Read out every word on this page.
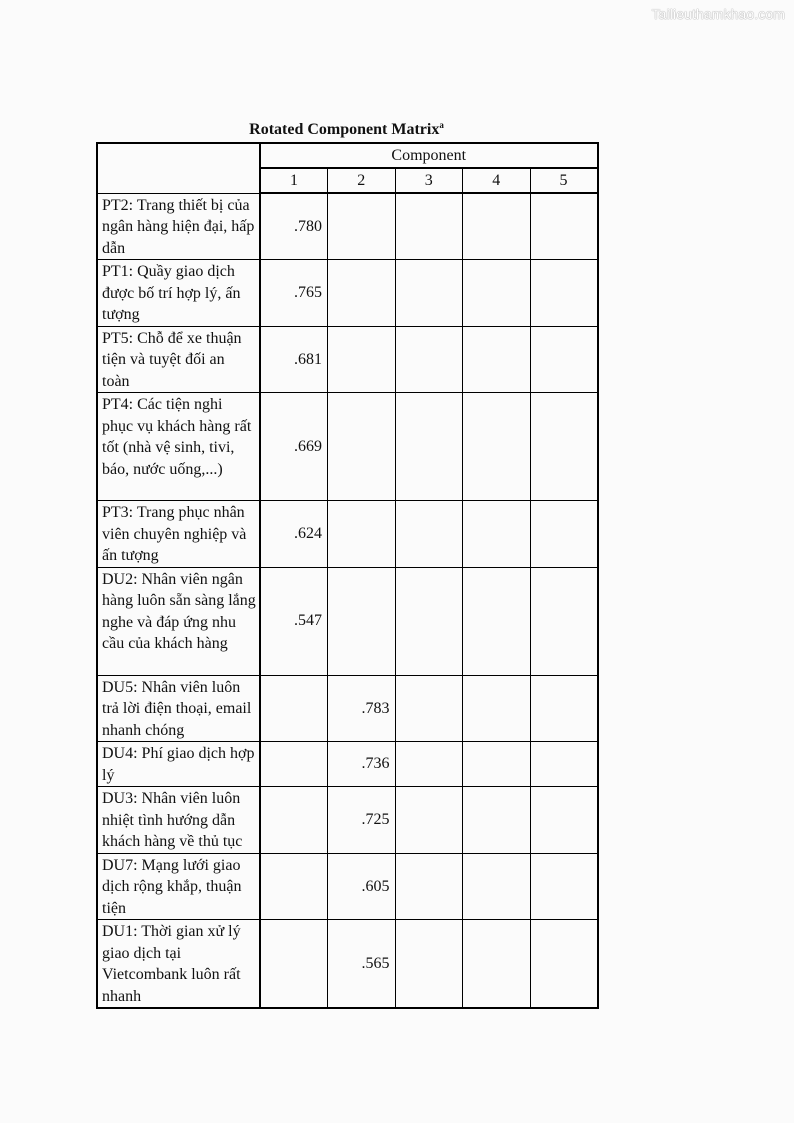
Tailieuthamkhao.com
Rotated Component Matrix$^a$
	Component				
	1	2	3	4	5
PT2: Trang thiết bị của ngân hàng hiện đại, hấp dẫn	.780				
PT1: Quầy giao dịch được bố trí hợp lý, ấn tượng	.765				
PT5: Chỗ để xe thuận tiện và tuyệt đối an toàn	.681				
PT4: Các tiện nghi phục vụ khách hàng rất tốt (nhà vệ sinh, tivi, báo, nước uống,...)	.669				
PT3: Trang phục nhân viên chuyên nghiệp và ấn tượng	.624				
DU2: Nhân viên ngân hàng luôn sẵn sàng lắng nghe và đáp ứng nhu cầu của khách hàng	.547				
DU5: Nhân viên luôn trả lời điện thoại, email nhanh chóng		.783			
DU4: Phí giao dịch hợp lý		.736			
DU3: Nhân viên luôn nhiệt tình hướng dẫn khách hàng về thủ tục		.725			
DU7: Mạng lưới giao dịch rộng khắp, thuận tiện		.605			
DU1: Thời gian xử lý giao dịch tại Vietcombank luôn rất nhanh		.565			
